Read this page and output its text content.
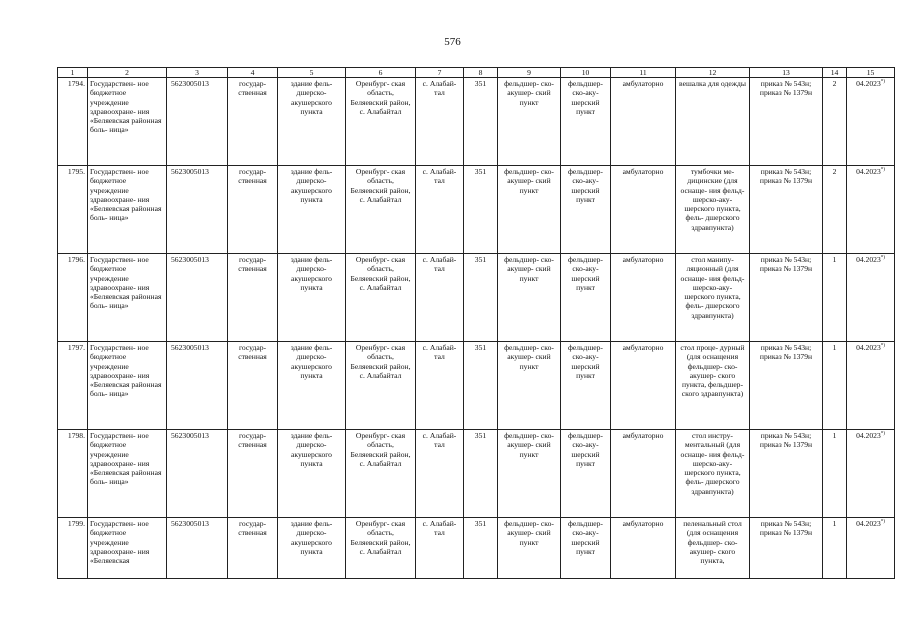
576
1	2	3	4	5	6	7	8	9	10	11	12	13	14	15
1794.	Государствен- ное бюджетное учреждение здравоохране- ния «Беляевская районная боль- ница»	5623005013	государ- ственная	здание фель- дшерско- акушерского пункта	Оренбург- ская область, Беляевский район, с. Алабайтал	с. Алабай- тал	351	фельдшер- ско-акушер- ский пункт	фельдшер- ско-аку- шерский пункт	амбулаторно	вешалка для одежды	приказ № 543н; приказ № 1379н	2	04.2023*)
1795.	Государствен- ное бюджетное учреждение здравоохране- ния «Беляевская районная боль- ница»	5623005013	государ- ственная	здание фель- дшерско- акушерского пункта	Оренбург- ская область, Беляевский район, с. Алабайтал	с. Алабай- тал	351	фельдшер- ско-акушер- ский пункт	фельдшер- ско-аку- шерский пункт	амбулаторно	тумбочки ме- дицинские (для оснаще- ния фельд- шерско-аку- шерского пункта, фель- дшерского здравпункта)	приказ № 543н; приказ № 1379н	2	04.2023*)
1796.	Государствен- ное бюджетное учреждение здравоохране- ния «Беляевская районная боль- ница»	5623005013	государ- ственная	здание фель- дшерско- акушерского пункта	Оренбург- ская область, Беляевский район, с. Алабайтал	с. Алабай- тал	351	фельдшер- ско-акушер- ский пункт	фельдшер- ско-аку- шерский пункт	амбулаторно	стол манипу- ляционный (для оснаще- ния фельд- шерско-аку- шерского пункта, фель- дшерского здравпункта)	приказ № 543н; приказ № 1379н	1	04.2023*)
1797.	Государствен- ное бюджетное учреждение здравоохране- ния «Беляевская районная боль- ница»	5623005013	государ- ственная	здание фель- дшерско- акушерского пункта	Оренбург- ская область, Беляевский район, с. Алабайтал	с. Алабай- тал	351	фельдшер- ско-акушер- ский пункт	фельдшер- ско-аку- шерский пункт	амбулаторно	стол проце- дурный (для оснащения фельдшер- ско-акушер- ского пункта, фельдшер- ского здравпункта)	приказ № 543н; приказ № 1379н	1	04.2023*)
1798.	Государствен- ное бюджетное учреждение здравоохране- ния «Беляевская районная боль- ница»	5623005013	государ- ственная	здание фель- дшерско- акушерского пункта	Оренбург- ская область, Беляевский район, с. Алабайтал	с. Алабай- тал	351	фельдшер- ско-акушер- ский пункт	фельдшер- ско-аку- шерский пункт	амбулаторно	стол инстру- ментальный (для оснаще- ния фельд- шерско-аку- шерского пункта, фель- дшерского здравпункта)	приказ № 543н; приказ № 1379н	1	04.2023*)
1799.	Государствен- ное бюджетное учреждение здравоохране- ния «Беляевская	5623005013	государ- ственная	здание фель- дшерско- акушерского пункта	Оренбург- ская область, Беляевский район, с. Алабайтал	с. Алабай- тал	351	фельдшер- ско-акушер- ский пункт	фельдшер- ско-аку- шерский пункт	амбулаторно	пеленальный стол (для оснащения фельдшер- ско-акушер- ского пункта,	приказ № 543н; приказ № 1379н	1	04.2023*)
